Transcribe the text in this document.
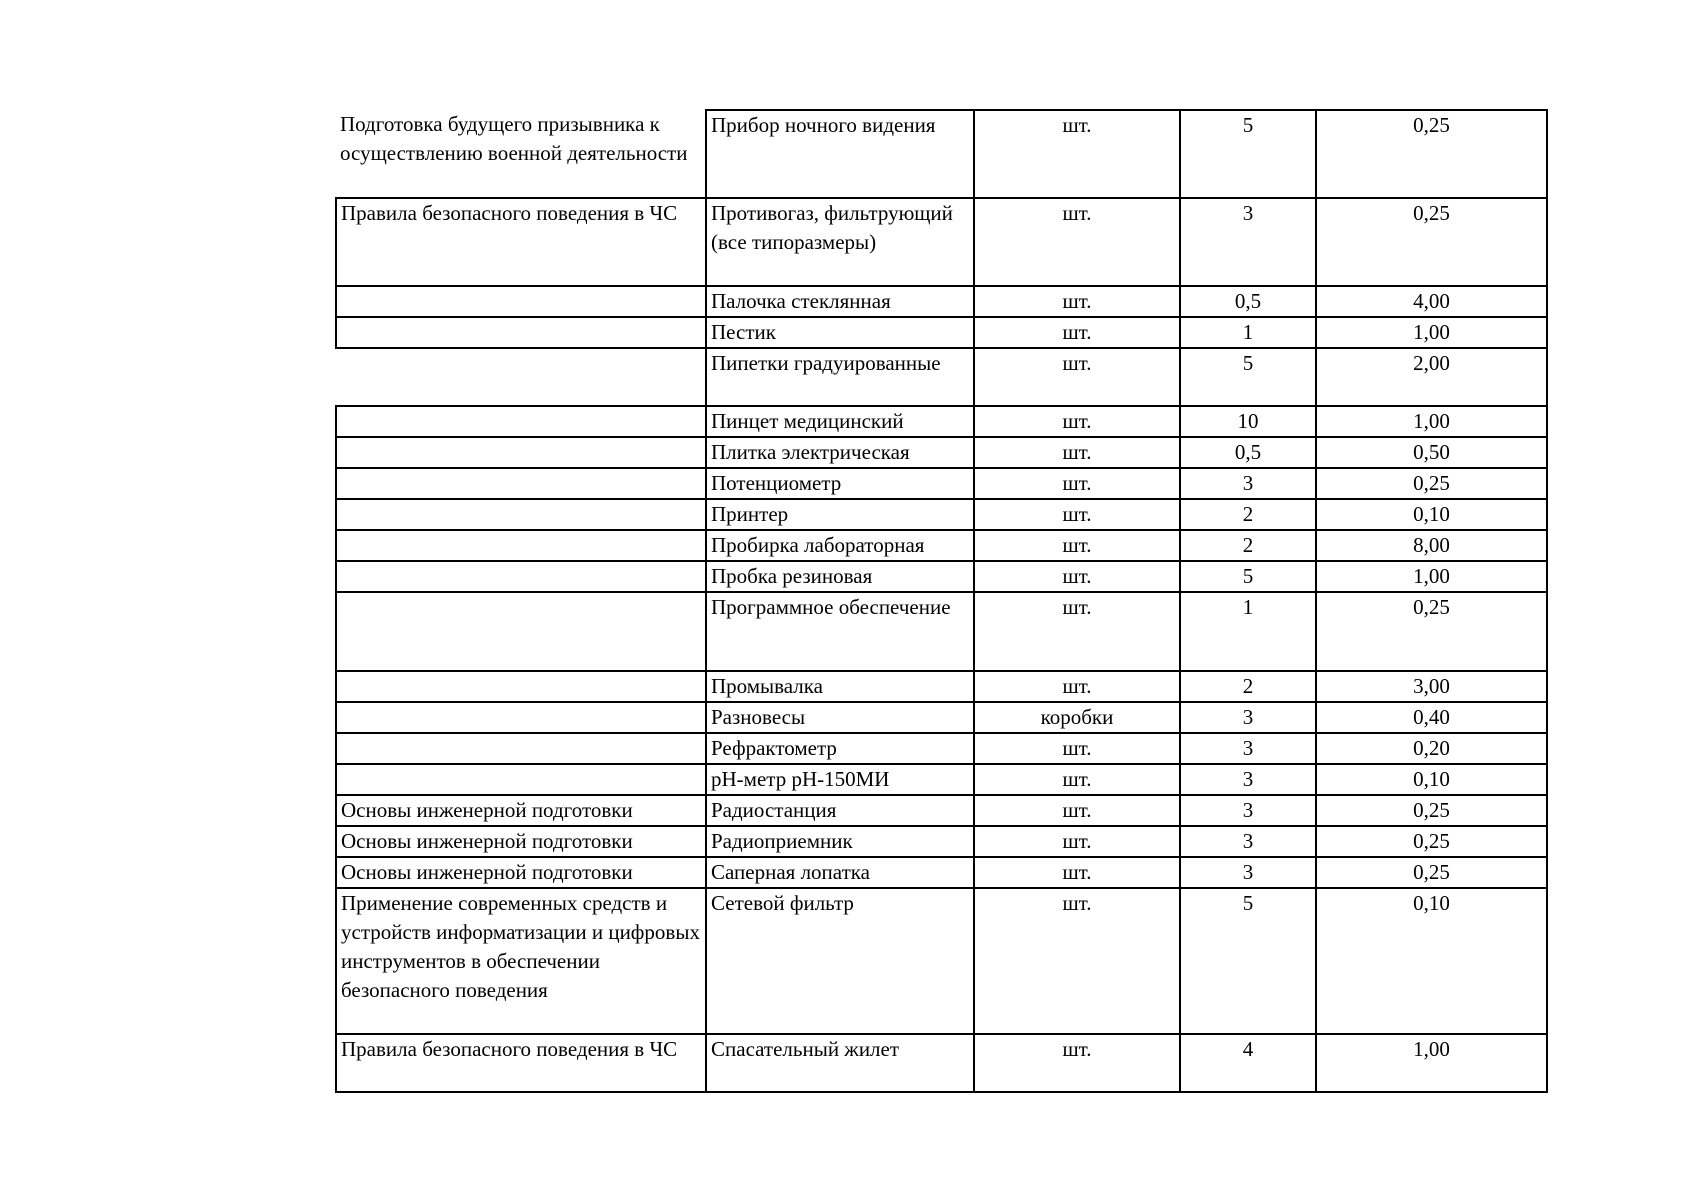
Подготовка будущего призывника к осуществлению военной деятельности	Прибор ночного видения	шт.	5	0,25
Правила безопасного поведения в ЧС	Противогаз, фильтрующий (все типоразмеры)	шт.	3	0,25
	Палочка стеклянная	шт.	0,5	4,00
	Пестик	шт.	1	1,00
	Пипетки градуированные	шт.	5	2,00
	Пинцет медицинский	шт.	10	1,00
	Плитка электрическая	шт.	0,5	0,50
	Потенциометр	шт.	3	0,25
	Принтер	шт.	2	0,10
	Пробирка лабораторная	шт.	2	8,00
	Пробка резиновая	шт.	5	1,00
	Программное обеспечение	шт.	1	0,25
	Промывалка	шт.	2	3,00
	Разновесы	коробки	3	0,40
	Рефрактометр	шт.	3	0,20
	pH-метр pH-150МИ	шт.	3	0,10
Основы инженерной подготовки	Радиостанция	шт.	3	0,25
Основы инженерной подготовки	Радиоприемник	шт.	3	0,25
Основы инженерной подготовки	Саперная лопатка	шт.	3	0,25
Применение современных средств и устройств информатизации и цифровых инструментов в обеспечении безопасного поведения	Сетевой фильтр	шт.	5	0,10
Правила безопасного поведения в ЧС	Спасательный жилет	шт.	4	1,00
